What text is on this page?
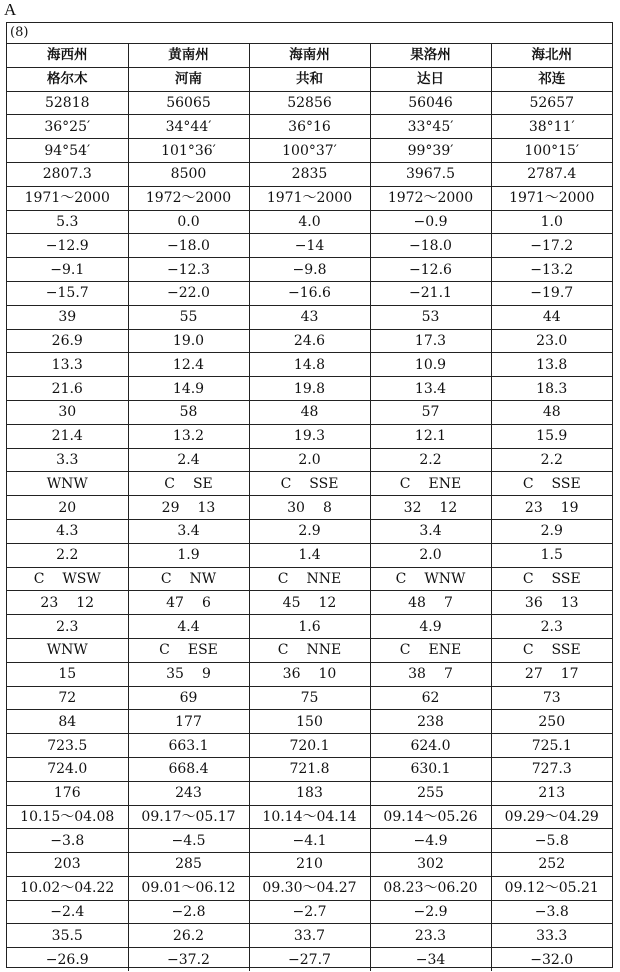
A
(8)
海西州	黄南州	海南州	果洛州	海北州
格尔木	河南	共和	达日	祁连
52818	56065	52856	56046	52657
36°25′	34°44′	36°16	33°45′	38°11′
94°54′	101°36′	100°37′	99°39′	100°15′
2807.3	8500	2835	3967.5	2787.4
1971～2000	1972～2000	1971～2000	1972～2000	1971～2000
5.3	0.0	4.0	−0.9	1.0
−12.9	−18.0	−14	−18.0	−17.2
−9.1	−12.3	−9.8	−12.6	−13.2
−15.7	−22.0	−16.6	−21.1	−19.7
39	55	43	53	44
26.9	19.0	24.6	17.3	23.0
13.3	12.4	14.8	10.9	13.8
21.6	14.9	19.8	13.4	18.3
30	58	48	57	48
21.4	13.2	19.3	12.1	15.9
3.3	2.4	2.0	2.2	2.2

WNW	C SE	C SSE	C ENE	C SSE

20	29 13	30 8	32 12	23 19

4.3	3.4	2.9	3.4	2.9
2.2	1.9	1.4	2.0	1.5

C WSW	C NW	C NNE	C WNW	C SSE

23 12	47 6	45 12	48 7	36 13

2.3	4.4	1.6	4.9	2.3

WNW	C ESE	C NNE	C ENE	C SSE

15	35 9	36 10	38 7	27 17

72	69	75	62	73
84	177	150	238	250
723.5	663.1	720.1	624.0	725.1
724.0	668.4	721.8	630.1	727.3
176	243	183	255	213
10.15～04.08	09.17～05.17	10.14～04.14	09.14～05.26	09.29～04.29
−3.8	−4.5	−4.1	−4.9	−5.8
203	285	210	302	252
10.02～04.22	09.01～06.12	09.30～04.27	08.23～06.20	09.12～05.21
−2.4	−2.8	−2.7	−2.9	−3.8
35.5	26.2	33.7	23.3	33.3
−26.9	−37.2	−27.7	−34	−32.0
